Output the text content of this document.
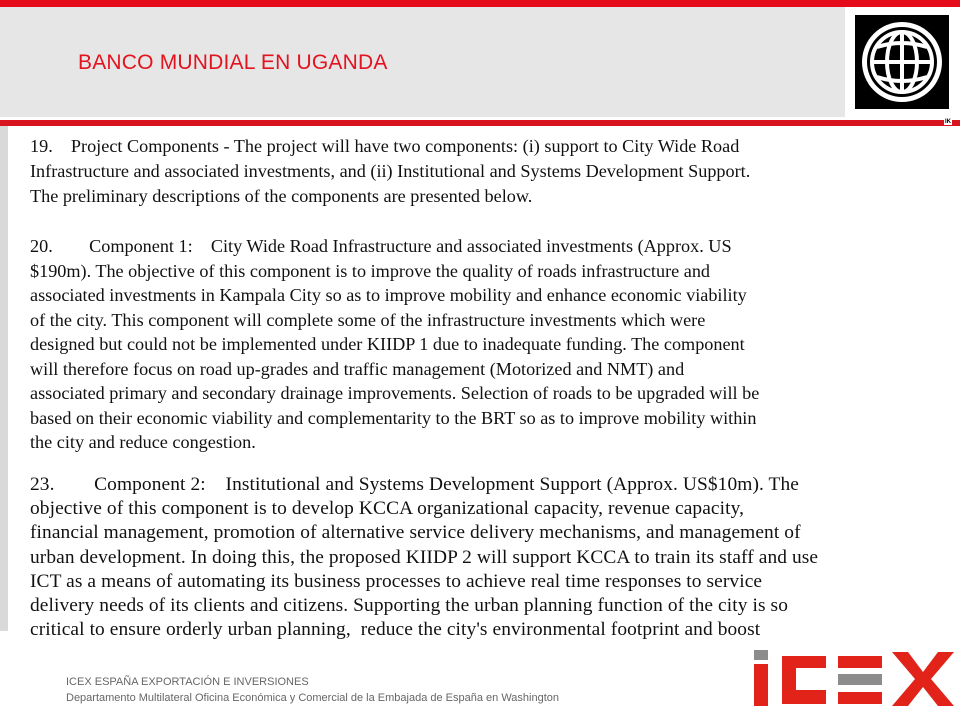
BANCO MUNDIAL EN UGANDA
IK

19.    Project Components - The project will have two components: (i) support to City Wide Road
Infrastructure and associated investments, and (ii) Institutional and Systems Development Support.
The preliminary descriptions of the components are presented below.

20.        Component 1:    City Wide Road Infrastructure and associated investments (Approx. US
$190m). The objective of this component is to improve the quality of roads infrastructure and
associated investments in Kampala City so as to improve mobility and enhance economic viability
of the city. This component will complete some of the infrastructure investments which were
designed but could not be implemented under KIIDP 1 due to inadequate funding. The component
will therefore focus on road up-grades and traffic management (Motorized and NMT) and
associated primary and secondary drainage improvements. Selection of roads to be upgraded will be
based on their economic viability and complementarity to the BRT so as to improve mobility within
the city and reduce congestion.

23.        Component 2:    Institutional and Systems Development Support (Approx. US$10m). The
objective of this component is to develop KCCA organizational capacity, revenue capacity,
financial management, promotion of alternative service delivery mechanisms, and management of
urban development. In doing this, the proposed KIIDP 2 will support KCCA to train its staff and use
ICT as a means of automating its business processes to achieve real time responses to service
delivery needs of its clients and citizens. Supporting the urban planning function of the city is so
critical to ensure orderly urban planning,  reduce the city's environmental footprint and boost

ICEX ESPAÑA EXPORTACIÓN E INVERSIONES
Departamento Multilateral Oficina Económica y Comercial de la Embajada de España en Washington
